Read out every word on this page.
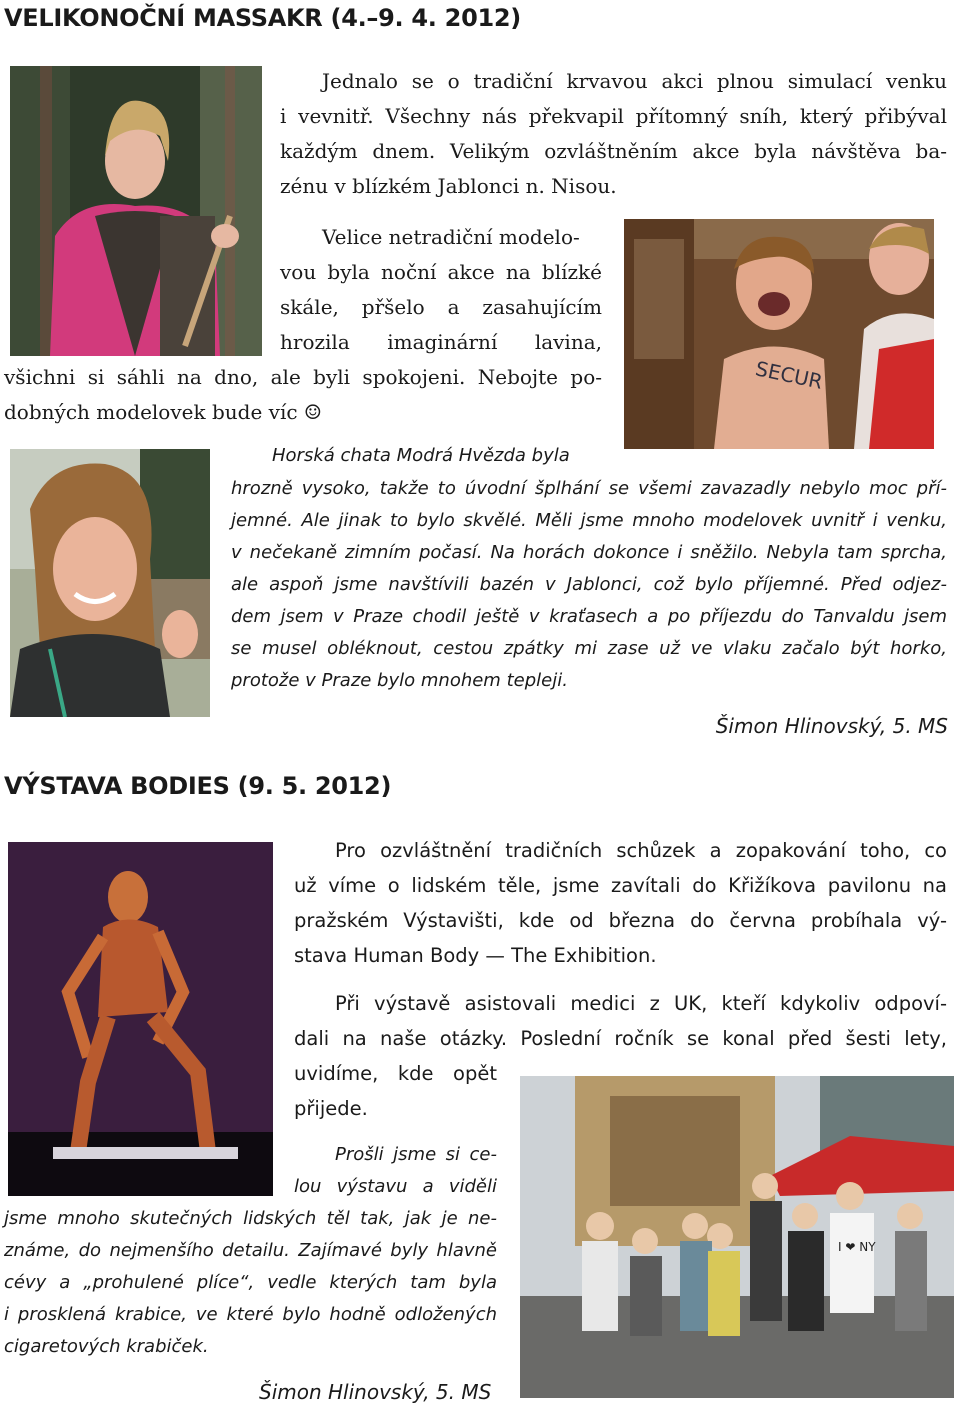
VELIKONOČNÍ MASSAKR (4.–9. 4. 2012)
Jednalo se o tradiční krvavou akci plnou simulací venku
i vevnitř. Všechny nás překvapil přítomný sníh, který přibýval
každým dnem. Velikým ozvláštněním akce byla návštěva ba-
zénu v blízkém Jablonci n. Nisou.
SECUR
Velice netradiční modelo-
vou byla noční akce na blízké
skále, přšelo a zasahujícím
hrozila imaginární lavina,
všichni si sáhli na dno, ale byli spokojeni. Nebojte po-
dobných modelovek bude víc ☺
Horská chata Modrá Hvězda byla
hrozně vysoko, takže to úvodní šplhání se všemi zavazadly nebylo moc pří-
jemné. Ale jinak to bylo skvělé. Měli jsme mnoho modelovek uvnitř i venku,
v nečekaně zimním počasí. Na horách dokonce i sněžilo. Nebyla tam sprcha,
ale aspoň jsme navštívili bazén v Jablonci, což bylo příjemné. Před odjez-
dem jsem v Praze chodil ještě v kraťasech a po příjezdu do Tanvaldu jsem
se musel obléknout, cestou zpátky mi zase už ve vlaku začalo být horko,
protože v Praze bylo mnohem tepleji.
Šimon Hlinovský, 5. MS
VÝSTAVA BODIES (9. 5. 2012)
Pro ozvláštnění tradičních schůzek a zopakování toho, co
už víme o lidském těle, jsme zavítali do Křižíkova pavilonu na
pražském Výstavišti, kde od března do června probíhala vý-
stava Human Body — The Exhibition.
Při výstavě asistovali medici z UK, kteří kdykoliv odpoví-
dali na naše otázky. Poslední ročník se konal před šesti lety,
uvidíme, kde opět
přijede.
I ❤ NY
Prošli jsme si ce-
lou výstavu a viděli
jsme mnoho skutečných lidských těl tak, jak je ne-
známe, do nejmenšího detailu. Zajímavé byly hlavně
cévy a „prohulené plíce“, vedle kterých tam byla
i prosklená krabice, ve které bylo hodně odložených
cigaretových krabiček.
Šimon Hlinovský, 5. MS
